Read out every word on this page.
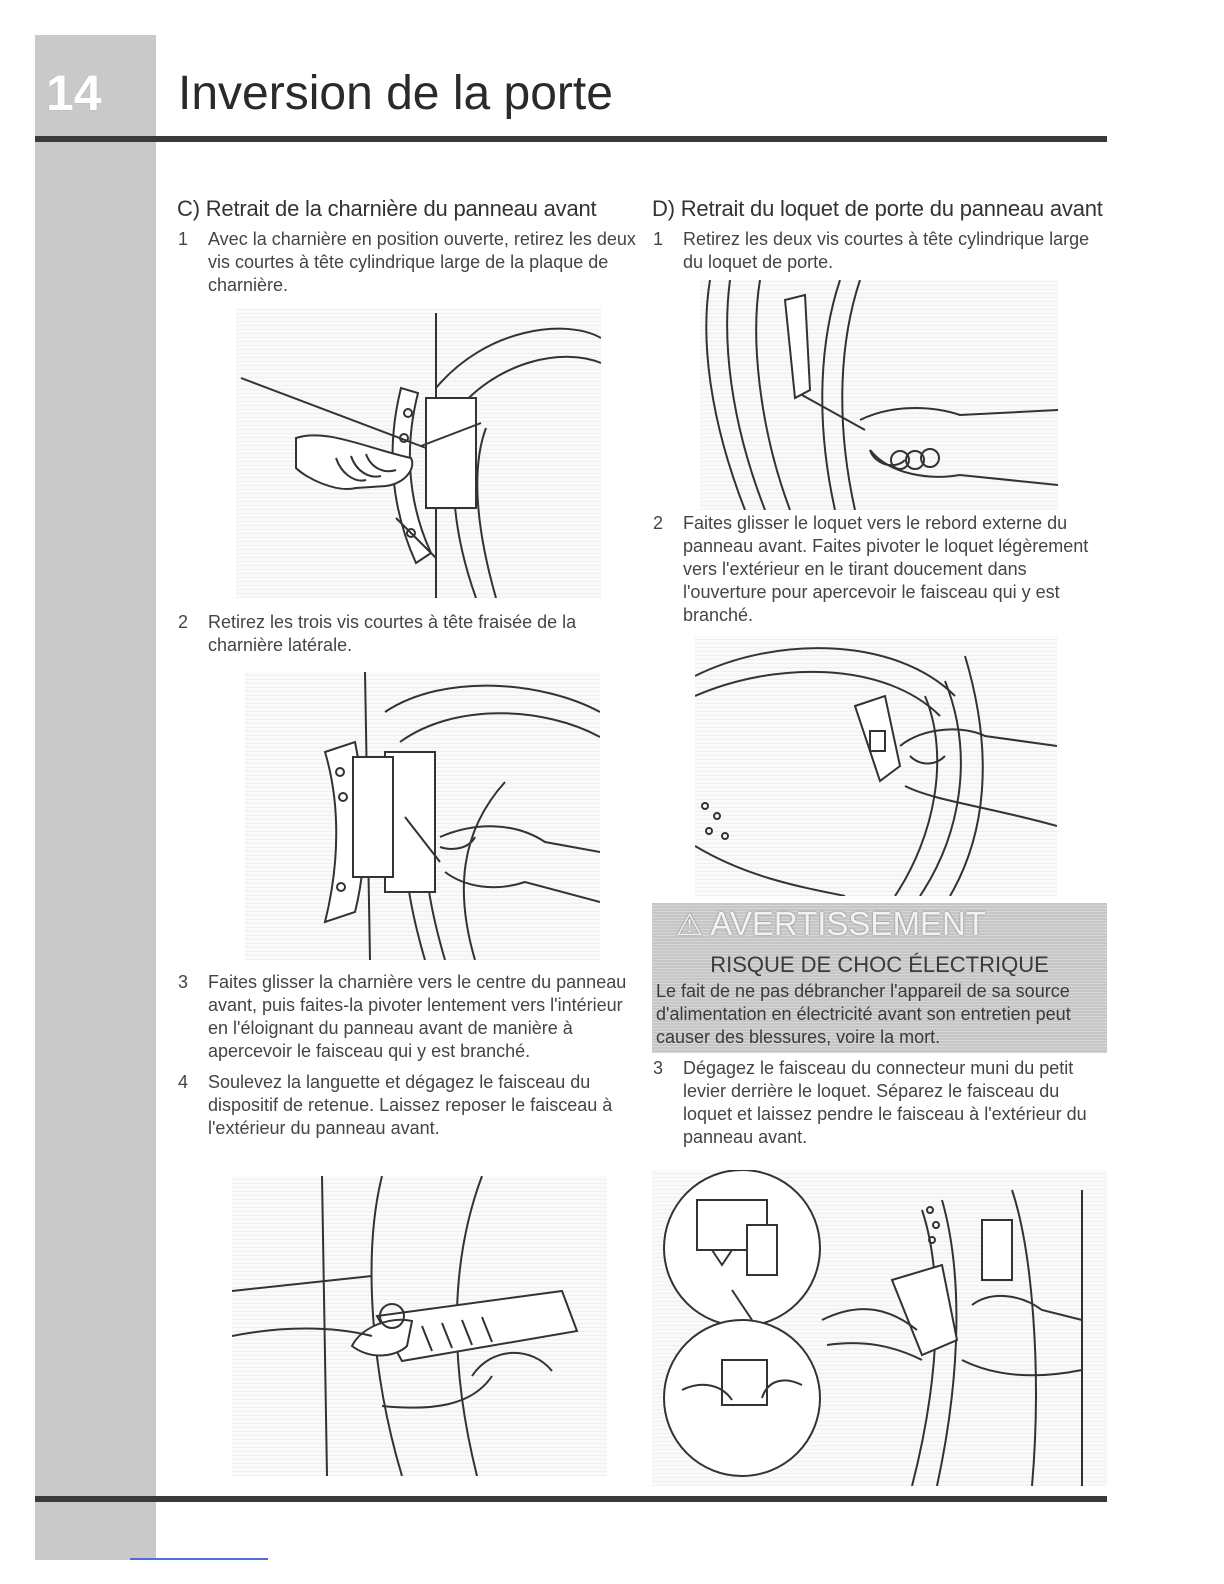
14 Inversion de la porte
C) Retrait de la charnière du panneau avant
1	Avec la charnière en position ouverte, retirez les deux vis courtes à tête cylindrique large de la plaque de charnière.
2	Retirez les trois vis courtes à tête fraisée de la charnière latérale.
3	Faites glisser la charnière vers le centre du panneau avant, puis faites-la pivoter lentement vers l'intérieur en l'éloignant du panneau avant de manière à apercevoir le faisceau qui y est branché.
4	Soulevez la languette et dégagez le faisceau du dispositif de retenue. Laissez reposer le faisceau à l'extérieur du panneau avant.
D) Retrait du loquet de porte du panneau avant
1	Retirez les deux vis courtes à tête cylindrique large du loquet de porte.
2	Faites glisser le loquet vers le rebord externe du panneau avant. Faites pivoter le loquet légèrement vers l'extérieur en le tirant doucement dans l'ouverture pour apercevoir le faisceau qui y est branché.
⚠ AVERTISSEMENT
RISQUE DE CHOC ÉLECTRIQUE
Le fait de ne pas débrancher l'appareil de sa source d'alimentation en électricité avant son entretien peut causer des blessures, voire la mort.
3	Dégagez le faisceau du connecteur muni du petit levier derrière le loquet. Séparez le faisceau du loquet et laissez pendre le faisceau à l'extérieur du panneau avant.
